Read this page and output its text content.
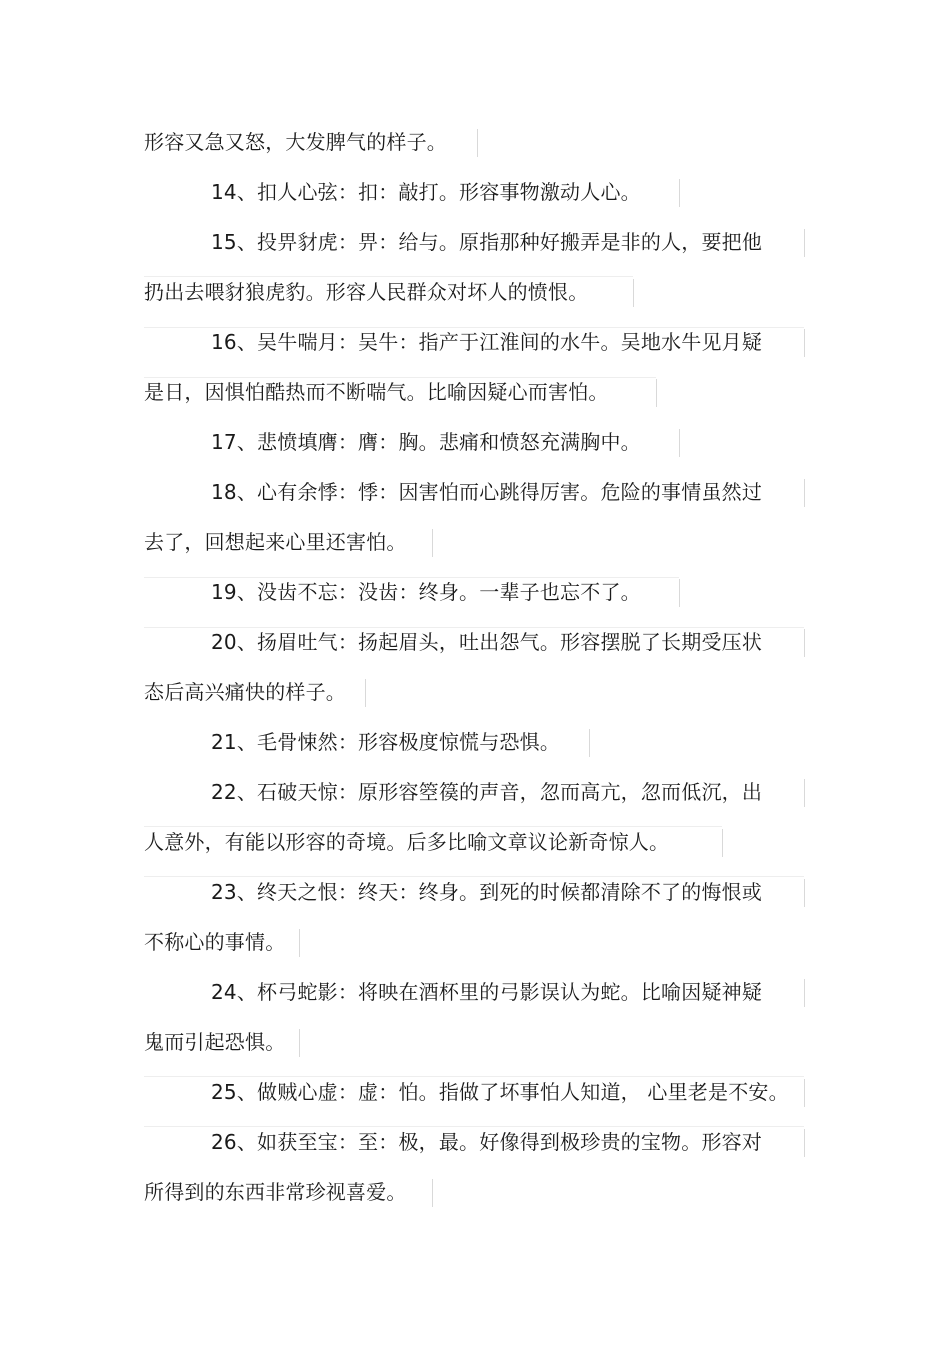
形容又急又怒，大发脾气的样子。
14、扣人心弦：扣：敲打。形容事物激动人心。
15、投畀豺虎：畀：给与。原指那种好搬弄是非的人，要把他
扔出去喂豺狼虎豹。形容人民群众对坏人的愤恨。
16、吴牛喘月：吴牛：指产于江淮间的水牛。吴地水牛见月疑
是日，因惧怕酷热而不断喘气。比喻因疑心而害怕。
17、悲愤填膺：膺：胸。悲痛和愤怒充满胸中。
18、心有余悸：悸：因害怕而心跳得厉害。危险的事情虽然过
去了，回想起来心里还害怕。
19、没齿不忘：没齿：终身。一辈子也忘不了。
20、扬眉吐气：扬起眉头，吐出怨气。形容摆脱了长期受压状
态后高兴痛快的样子。
21、毛骨悚然：形容极度惊慌与恐惧。
22、石破天惊：原形容箜篌的声音，忽而高亢，忽而低沉，出
人意外，有能以形容的奇境。后多比喻文章议论新奇惊人。
23、终天之恨：终天：终身。到死的时候都清除不了的悔恨或
不称心的事情。
24、杯弓蛇影：将映在酒杯里的弓影误认为蛇。比喻因疑神疑
鬼而引起恐惧。
25、做贼心虚：虚：怕。指做了坏事怕人知道， 心里老是不安。
26、如获至宝：至：极，最。好像得到极珍贵的宝物。形容对
所得到的东西非常珍视喜爱。
